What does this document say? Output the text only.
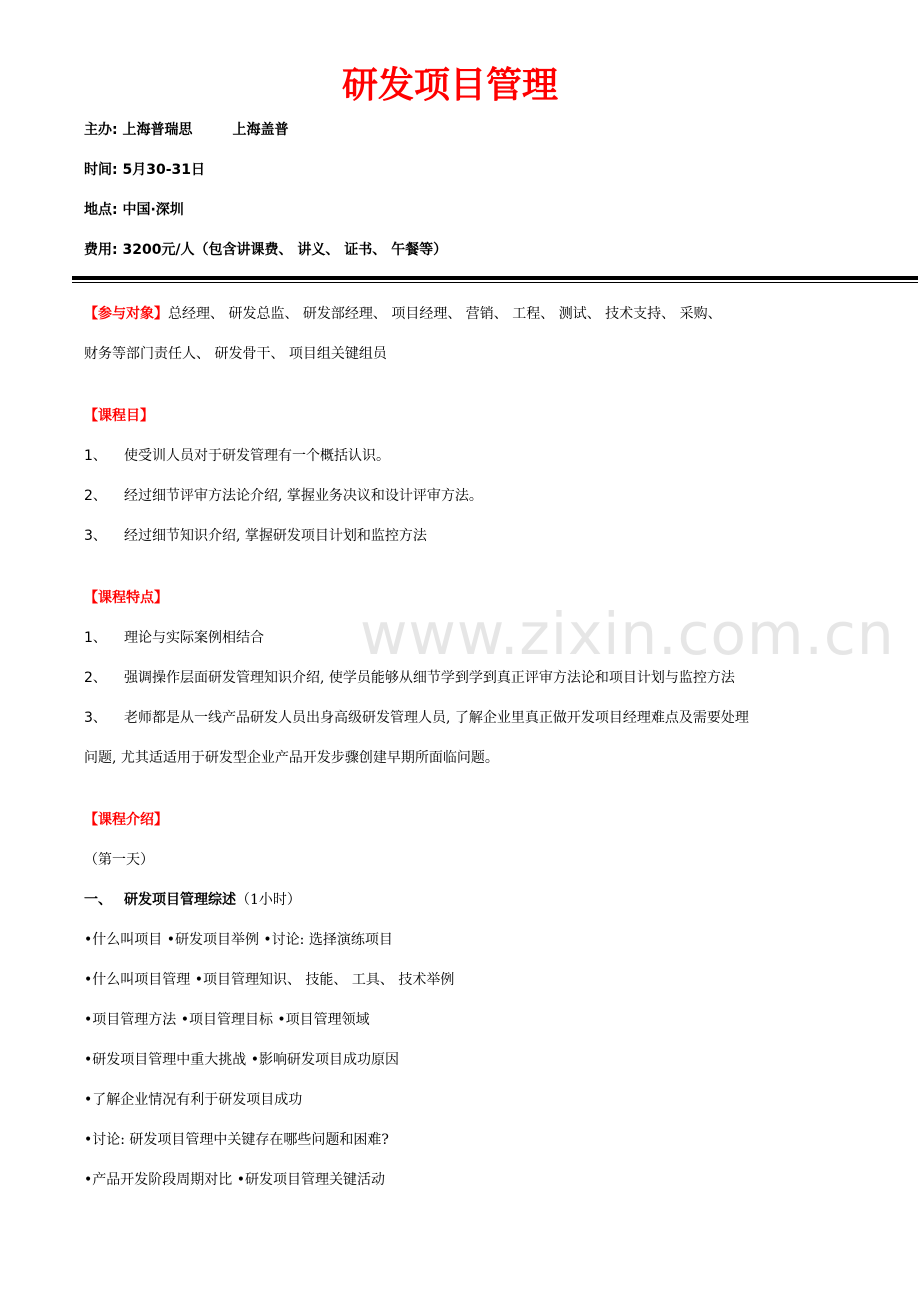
www.zixin.com.cn
研发项目管理
主办: 上海普瑞思	上海盖普
时间: 5月30-31日
地点: 中国·深圳
费用: 3200元/人（包含讲课费、 讲义、 证书、 午餐等）
【参与对象】总经理、 研发总监、 研发部经理、 项目经理、 营销、 工程、 测试、 技术支持、 采购、
财务等部门责任人、 研发骨干、 项目组关键组员
【课程目】
1、 使受训人员对于研发管理有一个概括认识。
2、 经过细节评审方法论介绍, 掌握业务决议和设计评审方法。
3、 经过细节知识介绍, 掌握研发项目计划和监控方法
【课程特点】
1、 理论与实际案例相结合
2、 强调操作层面研发管理知识介绍, 使学员能够从细节学到学到真正评审方法论和项目计划与监控方法
3、 老师都是从一线产品研发人员出身高级研发管理人员, 了解企业里真正做开发项目经理难点及需要处理
问题, 尤其适适用于研发型企业产品开发步骤创建早期所面临问题。
【课程介绍】
（第一天）
一、 研发项目管理综述（1小时）
•什么叫项目 •研发项目举例 •讨论: 选择演练项目
•什么叫项目管理 •项目管理知识、 技能、 工具、 技术举例
•项目管理方法 •项目管理目标 •项目管理领域
•研发项目管理中重大挑战 •影响研发项目成功原因
•了解企业情况有利于研发项目成功
•讨论: 研发项目管理中关键存在哪些问题和困难?
•产品开发阶段周期对比 •研发项目管理关键活动
